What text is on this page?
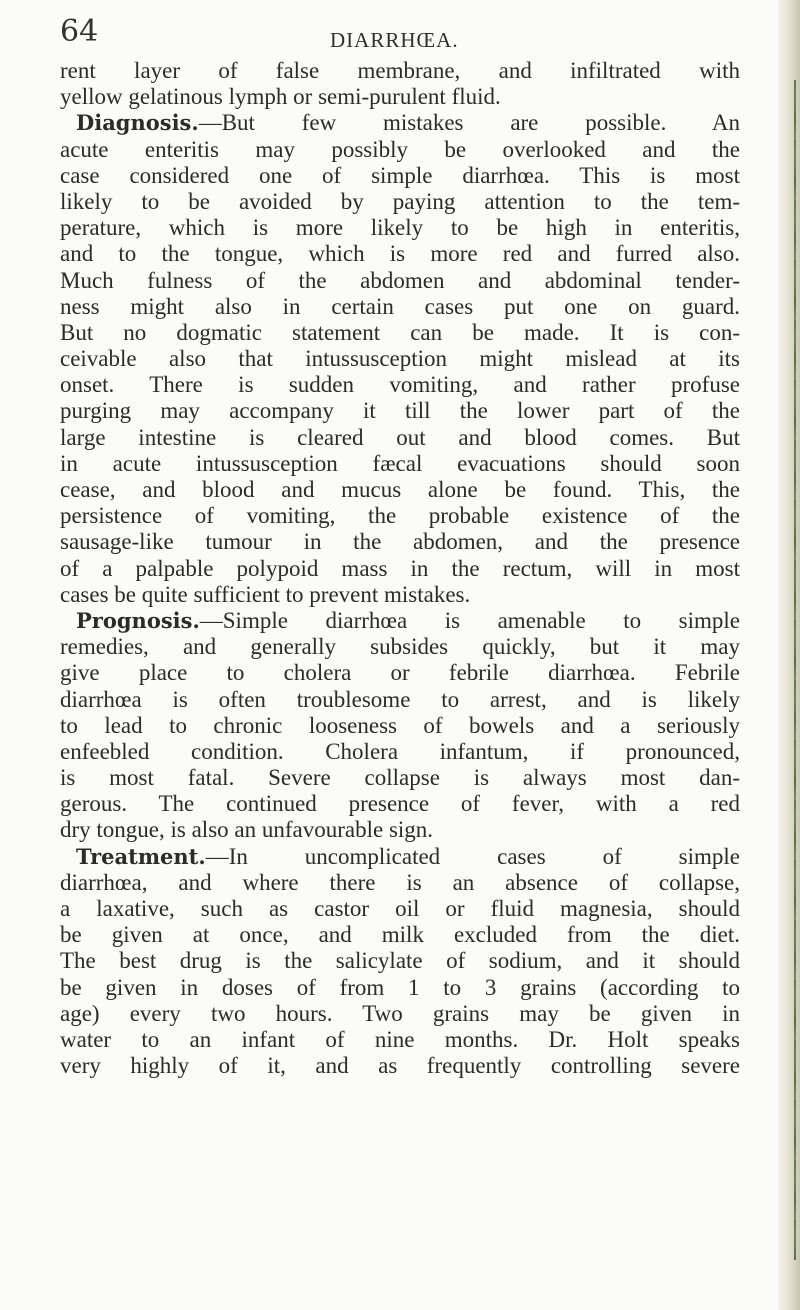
64	DIARRHŒA.
rent layer of false membrane, and infiltrated with
yellow gelatinous lymph or semi-purulent fluid.
Diagnosis.—But few mistakes are possible. An
acute enteritis may possibly be overlooked and the
case considered one of simple diarrhœa. This is most
likely to be avoided by paying attention to the tem-
perature, which is more likely to be high in enteritis,
and to the tongue, which is more red and furred also.
Much fulness of the abdomen and abdominal tender-
ness might also in certain cases put one on guard.
But no dogmatic statement can be made. It is con-
ceivable also that intussusception might mislead at its
onset. There is sudden vomiting, and rather profuse
purging may accompany it till the lower part of the
large intestine is cleared out and blood comes. But
in acute intussusception fæcal evacuations should soon
cease, and blood and mucus alone be found. This, the
persistence of vomiting, the probable existence of the
sausage-like tumour in the abdomen, and the presence
of a palpable polypoid mass in the rectum, will in most
cases be quite sufficient to prevent mistakes.
Prognosis.—Simple diarrhœa is amenable to simple
remedies, and generally subsides quickly, but it may
give place to cholera or febrile diarrhœa. Febrile
diarrhœa is often troublesome to arrest, and is likely
to lead to chronic looseness of bowels and a seriously
enfeebled condition. Cholera infantum, if pronounced,
is most fatal. Severe collapse is always most dan-
gerous. The continued presence of fever, with a red
dry tongue, is also an unfavourable sign.
Treatment.—In uncomplicated cases of simple
diarrhœa, and where there is an absence of collapse,
a laxative, such as castor oil or fluid magnesia, should
be given at once, and milk excluded from the diet.
The best drug is the salicylate of sodium, and it should
be given in doses of from 1 to 3 grains (according to
age) every two hours. Two grains may be given in
water to an infant of nine months. Dr. Holt speaks
very highly of it, and as frequently controlling severe
